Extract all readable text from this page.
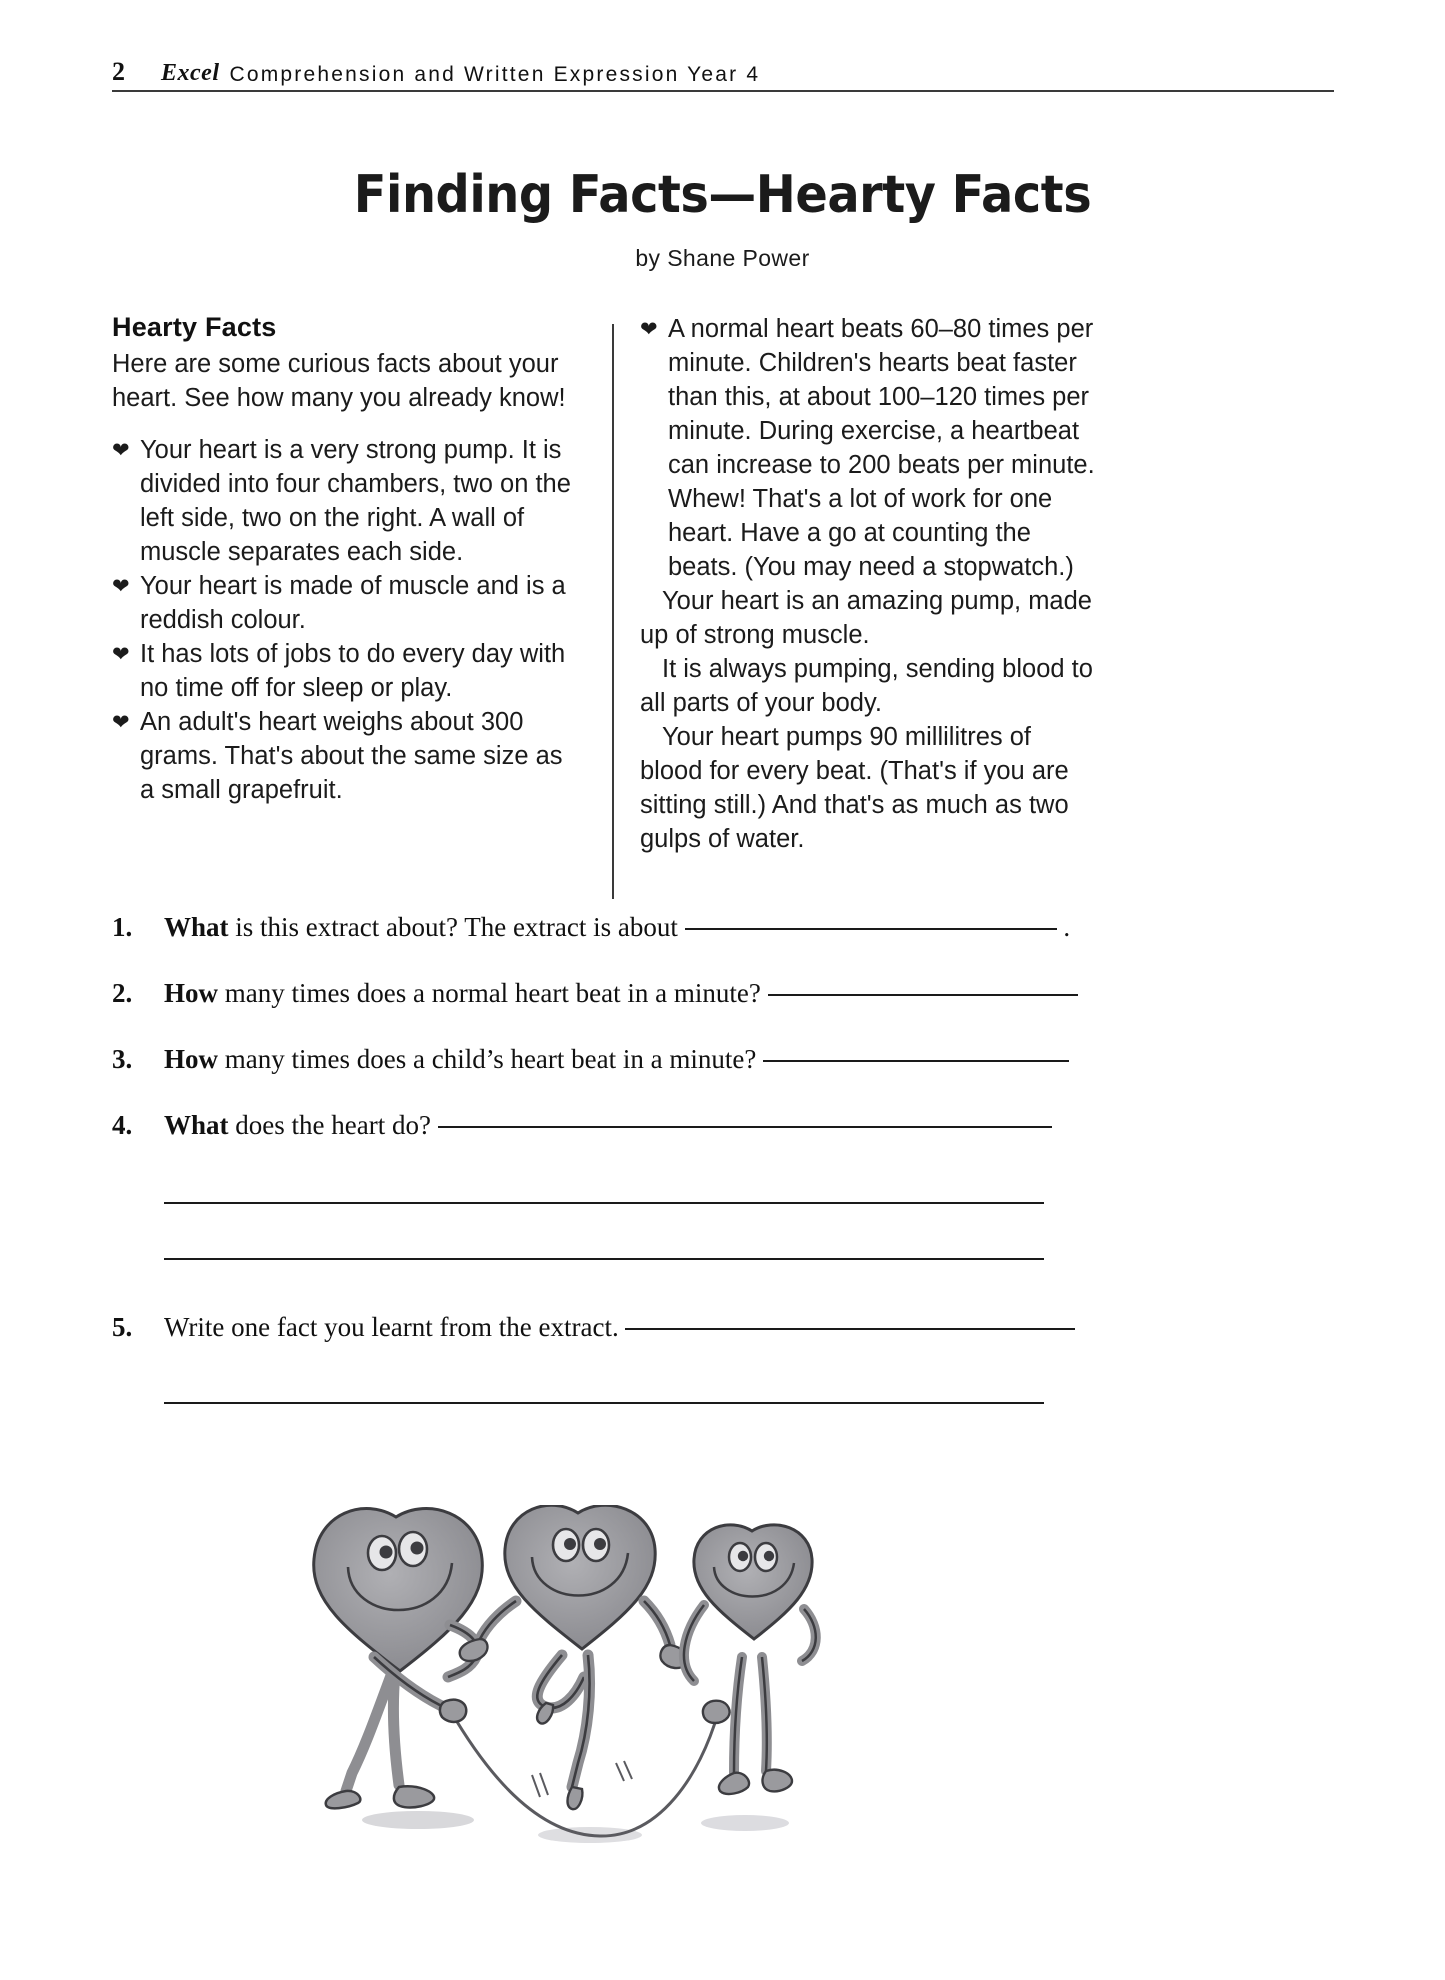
2 Excel Comprehension and Written Expression Year 4
Finding Facts—Hearty Facts
by Shane Power
Hearty Facts

Here are some curious facts about your heart. See how many you already know!

❤ Your heart is a very strong pump. It is divided into four chambers, two on the left side, two on the right. A wall of muscle separates each side.
❤ Your heart is made of muscle and is a reddish colour.
❤ It has lots of jobs to do every day with no time off for sleep or play.
❤ An adult's heart weighs about 300 grams. That's about the same size as a small grapefruit.
❤ A normal heart beats 60–80 times per minute. Children's hearts beat faster than this, at about 100–120 times per minute. During exercise, a heartbeat can increase to 200 beats per minute. Whew! That's a lot of work for one heart. Have a go at counting the beats. (You may need a stopwatch.)

Your heart is an amazing pump, made up of strong muscle.

It is always pumping, sending blood to all parts of your body.

Your heart pumps 90 millilitres of blood for every beat. (That's if you are sitting still.) And that's as much as two gulps of water.

1.	What is this extract about? The extract is about	.
2.	How many times does a normal heart beat in a minute?
3.	How many times does a child’s heart beat in a minute?
4.	What does the heart do?
5.	Write one fact you learnt from the extract.
